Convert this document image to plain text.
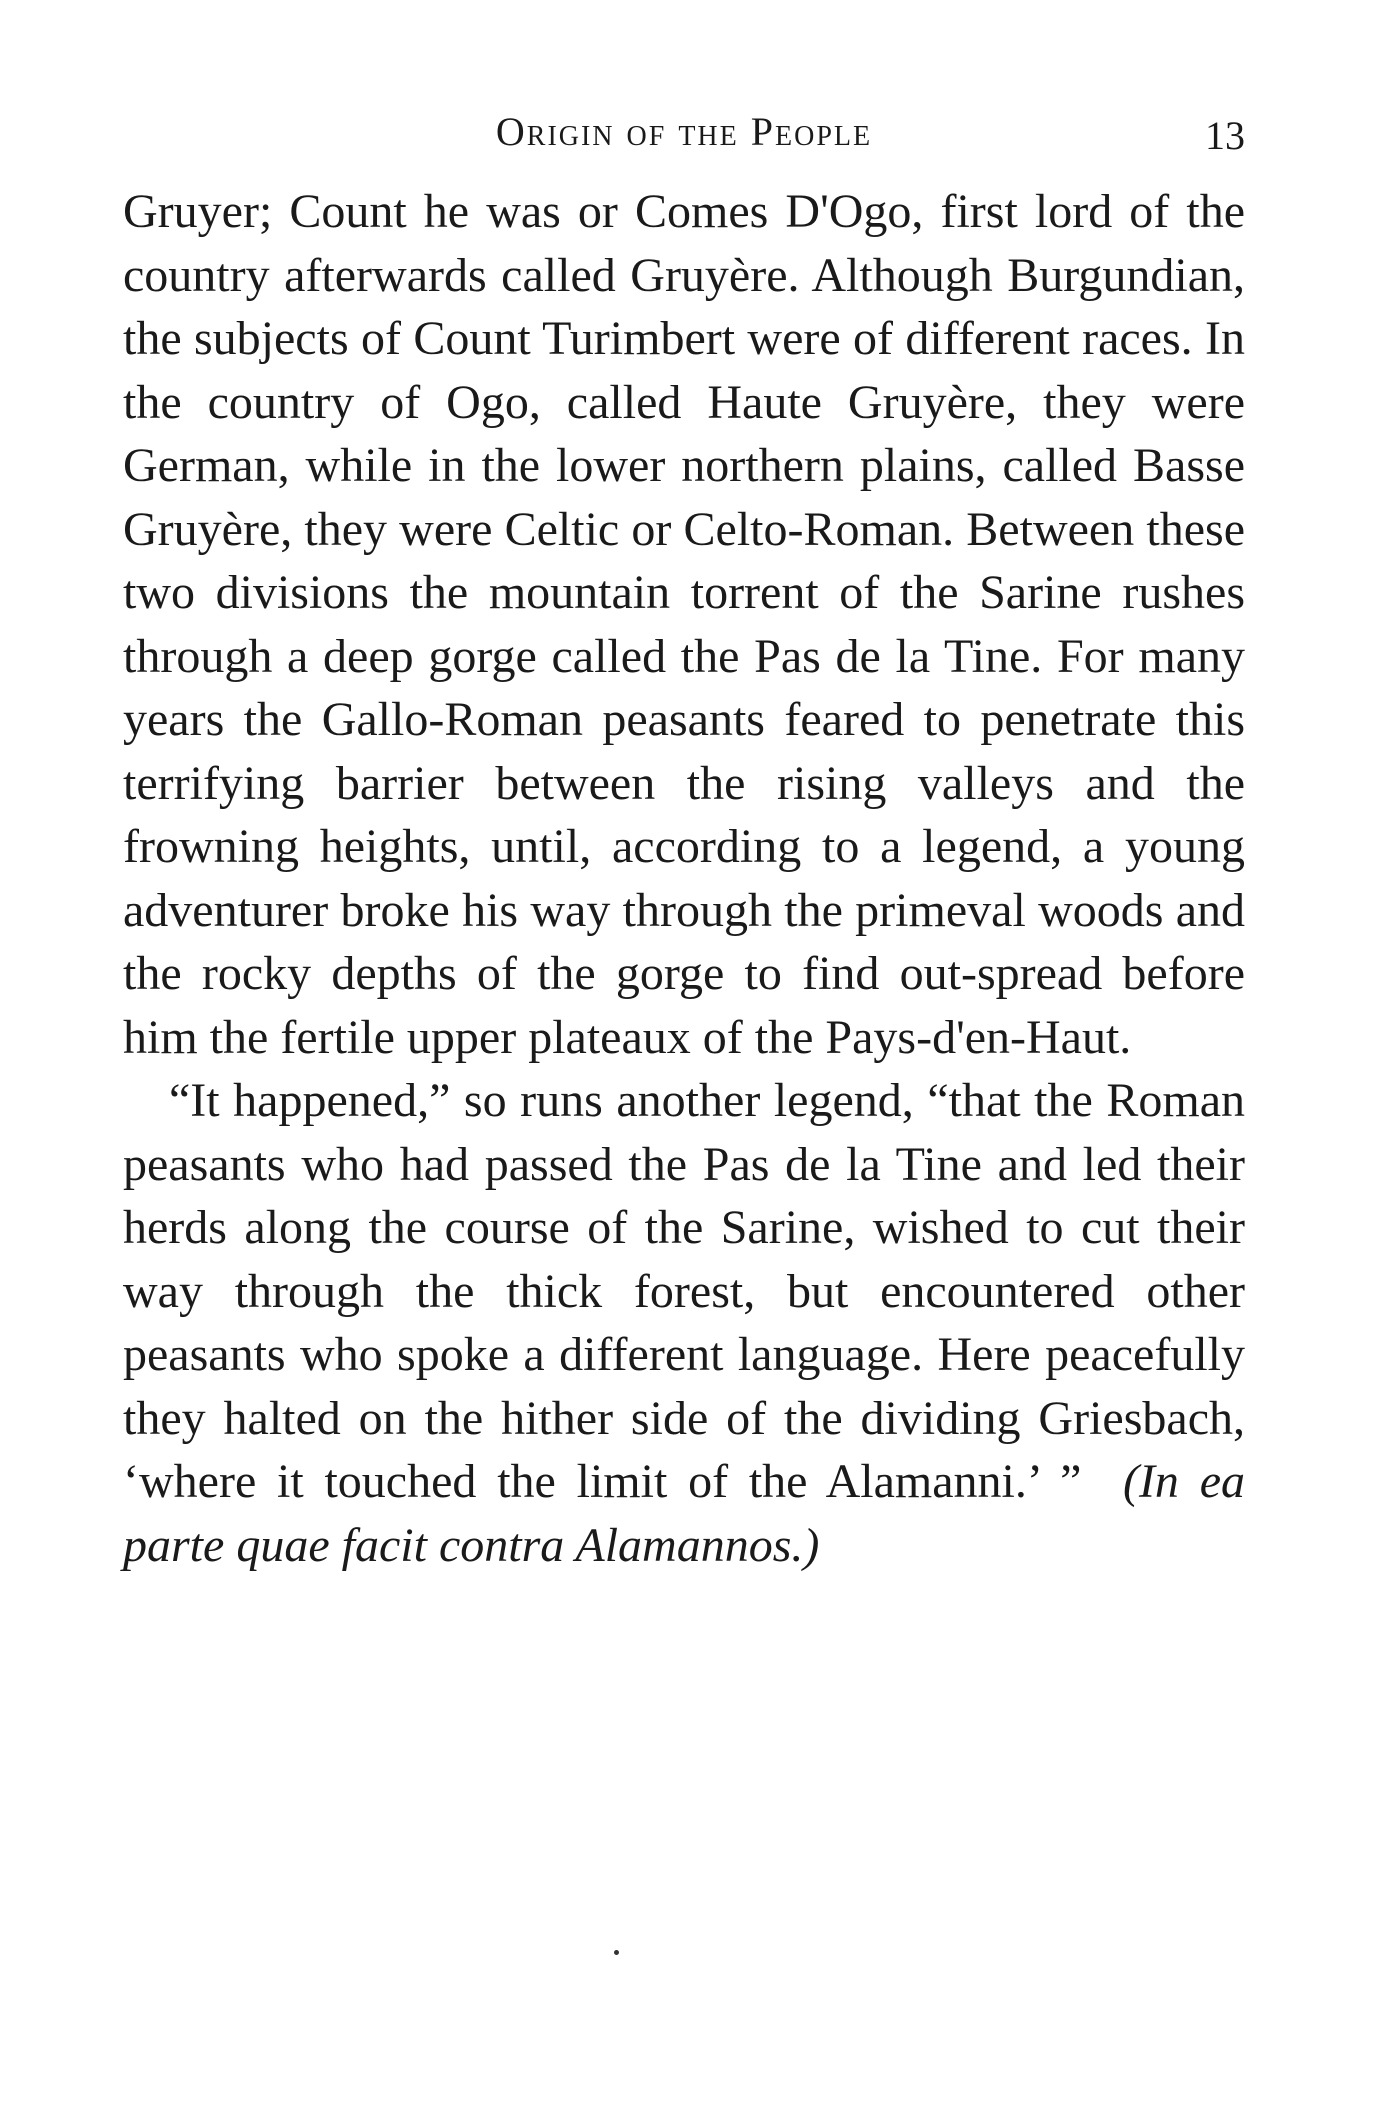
Origin of the People	13

Gruyer; Count he was or Comes D'Ogo, first lord of the country afterwards called Gruyère. Although Burgundian, the subjects of Count Turimbert were of different races. In the country of Ogo, called Haute Gruyère, they were German, while in the lower northern plains, called Basse Gruyère, they were Celtic or Celto-Roman. Between these two divisions the mountain torrent of the Sarine rushes through a deep gorge called the Pas de la Tine. For many years the Gallo-Roman peasants feared to penetrate this terrifying barrier between the rising valleys and the frowning heights, until, according to a legend, a young adventurer broke his way through the primeval woods and the rocky depths of the gorge to find out-spread before him the fertile upper plateaux of the Pays-d'en-Haut.

“It happened,” so runs another legend, “that the Roman peasants who had passed the Pas de la Tine and led their herds along the course of the Sarine, wished to cut their way through the thick forest, but encountered other peasants who spoke a different language. Here peacefully they halted on the hither side of the dividing Griesbach, ‘where it touched the limit of the Alamanni.’ ” (In ea parte quae facit contra Alamannos.)
